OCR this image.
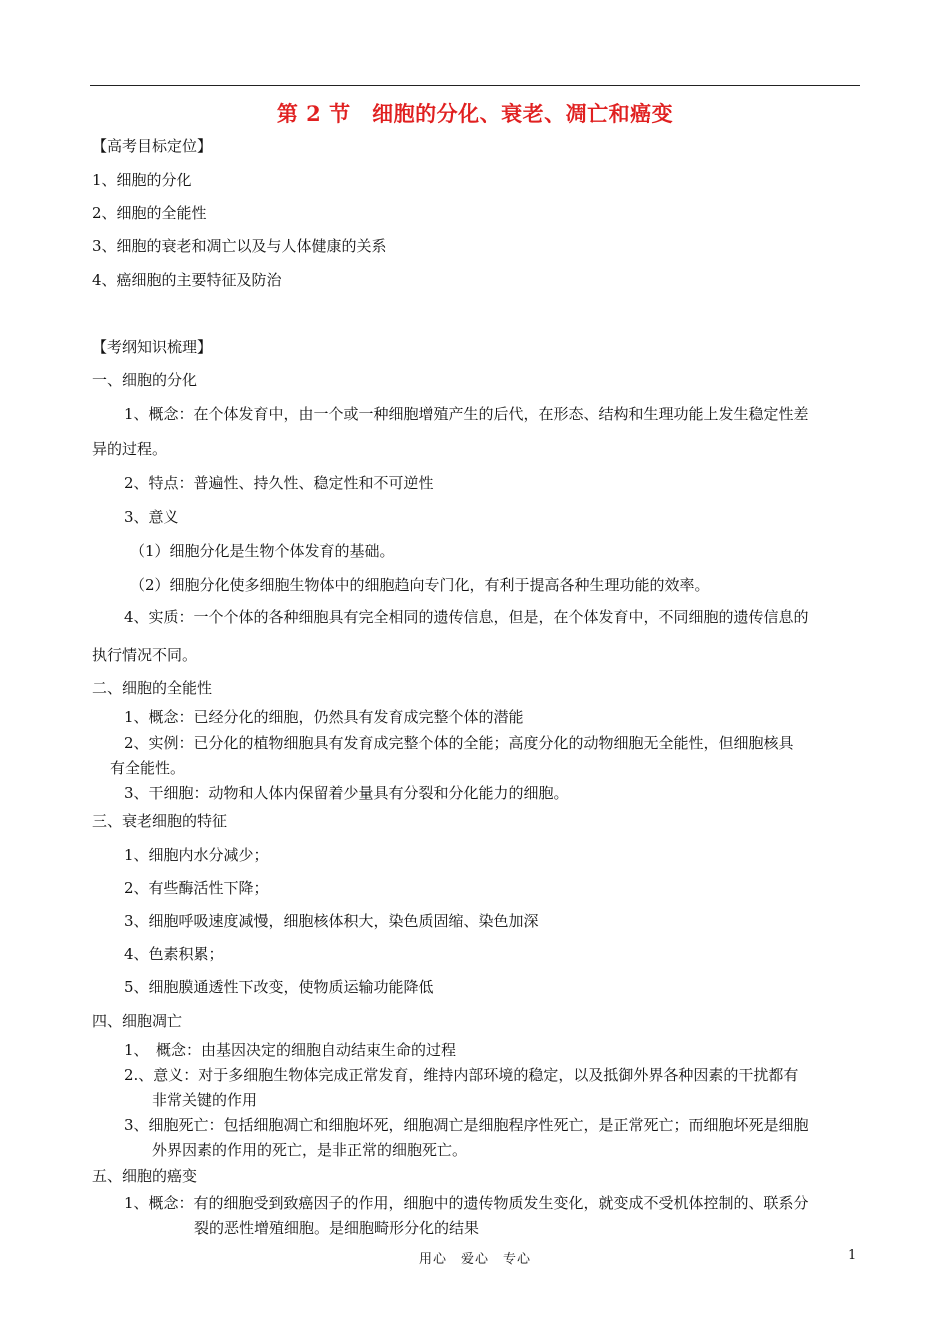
第 2 节　细胞的分化、衰老、凋亡和癌变
【高考目标定位】
1、细胞的分化
2、细胞的全能性
3、细胞的衰老和凋亡以及与人体健康的关系
4、癌细胞的主要特征及防治
【考纲知识梳理】
一、细胞的分化
1、概念：在个体发育中，由一个或一种细胞增殖产生的后代，在形态、结构和生理功能上发生稳定性差
异的过程。
2、特点：普遍性、持久性、稳定性和不可逆性
3、意义
（1）细胞分化是生物个体发育的基础。
（2）细胞分化使多细胞生物体中的细胞趋向专门化，有利于提高各种生理功能的效率。
4、实质：一个个体的各种细胞具有完全相同的遗传信息，但是，在个体发育中，不同细胞的遗传信息的
执行情况不同。
二、细胞的全能性
1、概念：已经分化的细胞，仍然具有发育成完整个体的潜能
2、实例：已分化的植物细胞具有发育成完整个体的全能；高度分化的动物细胞无全能性，但细胞核具
有全能性。
3、干细胞：动物和人体内保留着少量具有分裂和分化能力的细胞。
三、衰老细胞的特征
1、细胞内水分减少；
2、有些酶活性下降；
3、细胞呼吸速度减慢，细胞核体积大，染色质固缩、染色加深
4、色素积累；
5、细胞膜通透性下改变，使物质运输功能降低
四、细胞凋亡
1、　概念：由基因决定的细胞自动结束生命的过程
2.、意义：对于多细胞生物体完成正常发育，维持内部环境的稳定，以及抵御外界各种因素的干扰都有
非常关键的作用
3、细胞死亡：包括细胞凋亡和细胞坏死，细胞凋亡是细胞程序性死亡，是正常死亡；而细胞坏死是细胞
外界因素的作用的死亡，是非正常的细胞死亡。
五、细胞的癌变
1、概念：有的细胞受到致癌因子的作用，细胞中的遗传物质发生变化，就变成不受机体控制的、联系分
裂的恶性增殖细胞。是细胞畸形分化的结果
用心　爱心　专心	1
